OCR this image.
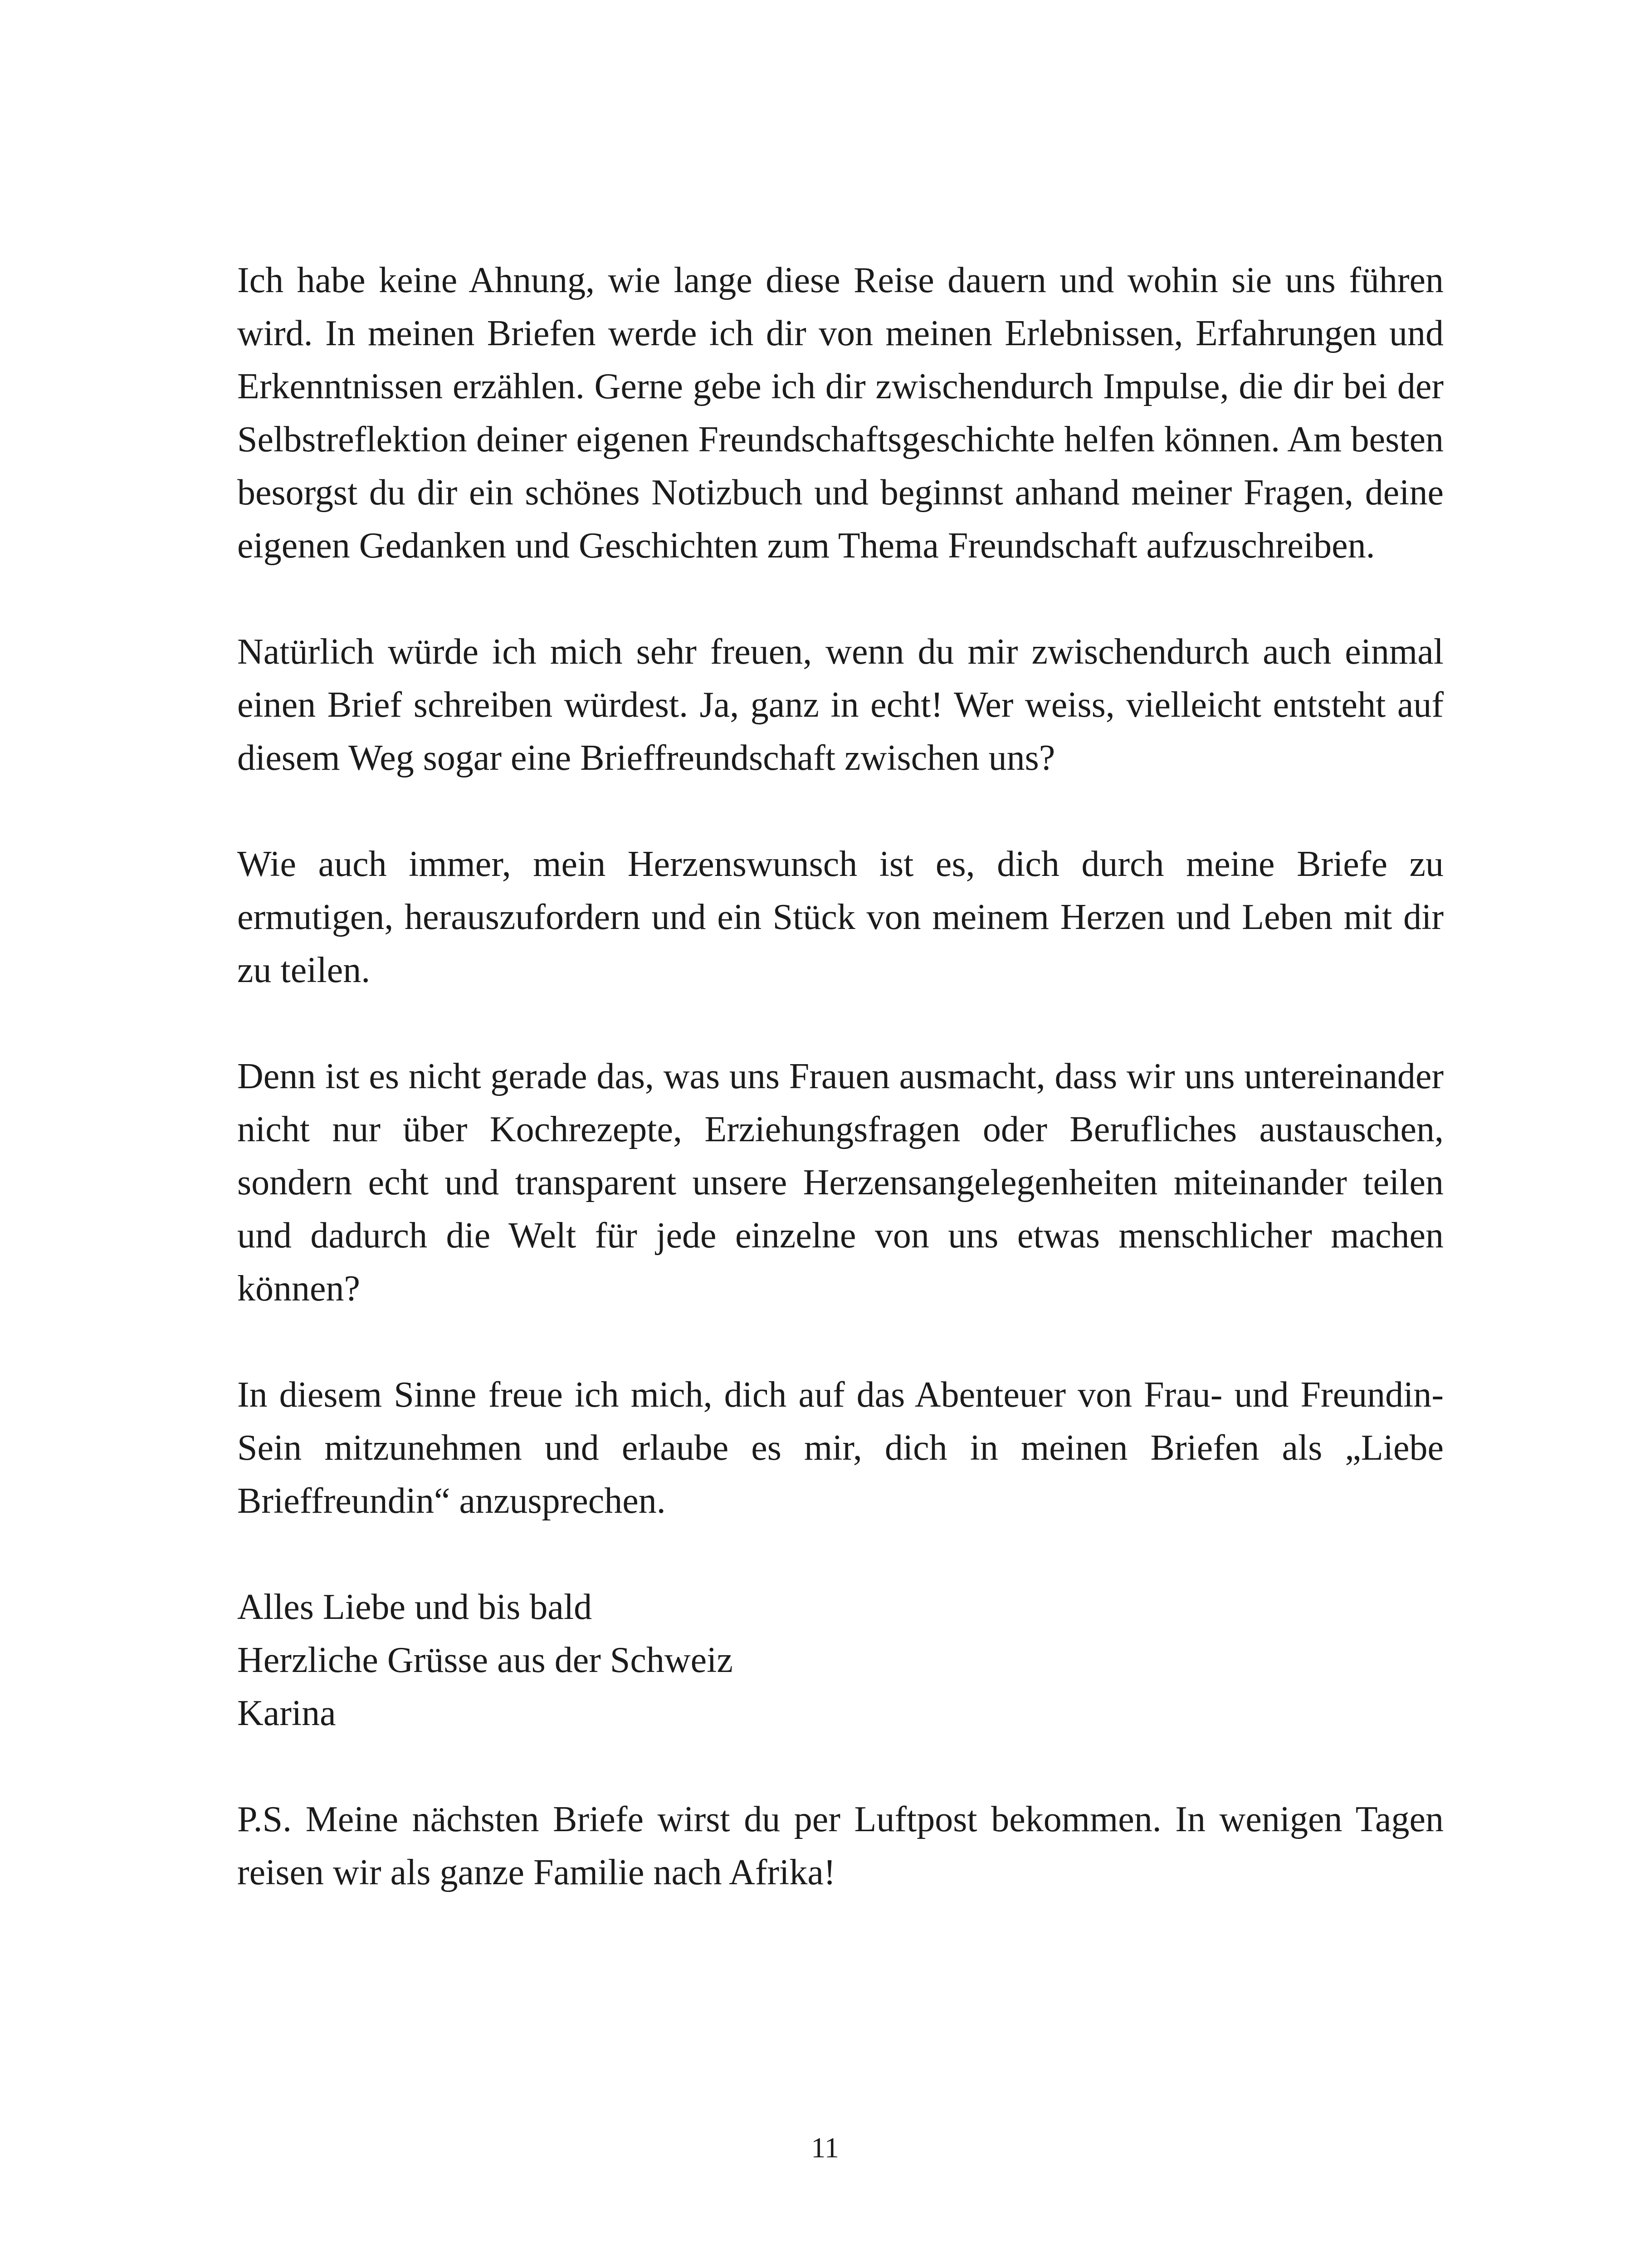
Ich habe keine Ahnung, wie lange diese Reise dauern und wohin sie uns führen wird. In meinen Briefen werde ich dir von meinen Erlebnissen, Erfahrungen und Erkenntnissen erzählen. Gerne gebe ich dir zwischendurch Impulse, die dir bei der Selbstreflektion deiner eigenen Freundschaftsgeschichte helfen können. Am besten besorgst du dir ein schönes Notizbuch und beginnst anhand meiner Fragen, deine eigenen Gedanken und Geschichten zum Thema Freundschaft aufzuschreiben.

Natürlich würde ich mich sehr freuen, wenn du mir zwischendurch auch einmal einen Brief schreiben würdest. Ja, ganz in echt! Wer weiss, vielleicht entsteht auf diesem Weg sogar eine Brieffreundschaft zwischen uns?

Wie auch immer, mein Herzenswunsch ist es, dich durch meine Briefe zu ermutigen, herauszufordern und ein Stück von meinem Herzen und Leben mit dir zu teilen.

Denn ist es nicht gerade das, was uns Frauen ausmacht, dass wir uns untereinander nicht nur über Kochrezepte, Erziehungsfragen oder Berufliches austauschen, sondern echt und transparent unsere Herzensangelegenheiten miteinander teilen und dadurch die Welt für jede einzelne von uns etwas menschlicher machen können?

In diesem Sinne freue ich mich, dich auf das Abenteuer von Frau- und Freundin-Sein mitzunehmen und erlaube es mir, dich in meinen Briefen als „Liebe Brieffreundin“ anzusprechen.

Alles Liebe und bis bald
Herzliche Grüsse aus der Schweiz
Karina

P.S. Meine nächsten Briefe wirst du per Luftpost bekommen. In wenigen Tagen reisen wir als ganze Familie nach Afrika!

11
